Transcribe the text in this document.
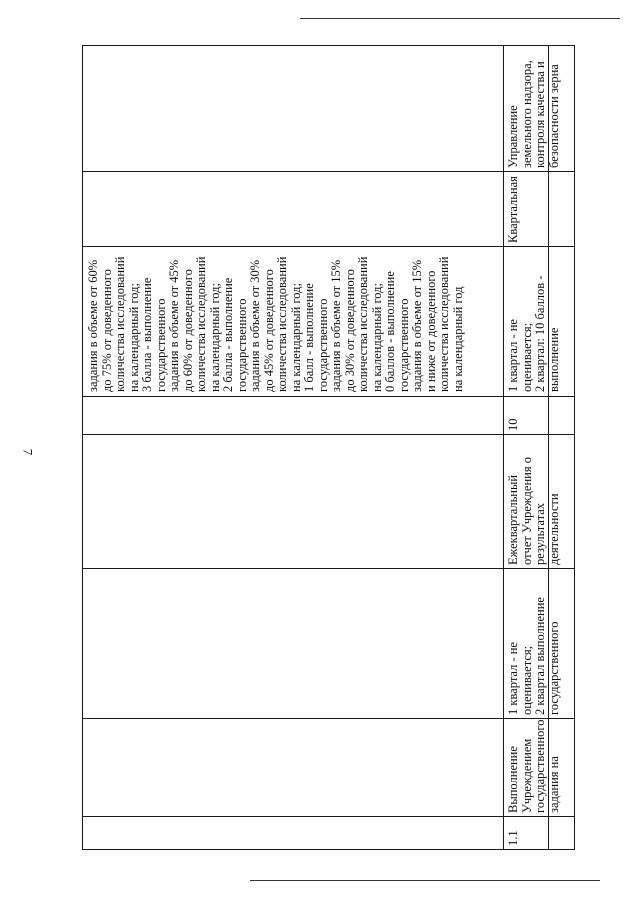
7
Управление земельного надзора, контроля качества и безопасности зерна
Квартальная
задания в объеме от 60% до 75% от доведенного количества исследований на календарный год; 3 балла - выполнение государственного задания в объеме от 45% до 60% от доведенного количества исследований на календарный год; 2 балла - выполнение государственного задания в объеме от 30% до 45% от доведенного количества исследований на календарный год; 1 балл - выполнение государственного задания в объеме от 15% до 30% от доведенного количества исследований на календарный год; 0 баллов - выполнение государственного задания в объеме от 15% и ниже от доведенного количества исследований на календарный год	1 квартал - не оценивается; 2 квартал: 10 баллов - выполнение
10
Ежеквартальный отчет Учреждения о результатах деятельности
1 квартал - не оценивается; 2 квартал выполнение государственного
Выполнение Учреждением государственного задания на
1.1
